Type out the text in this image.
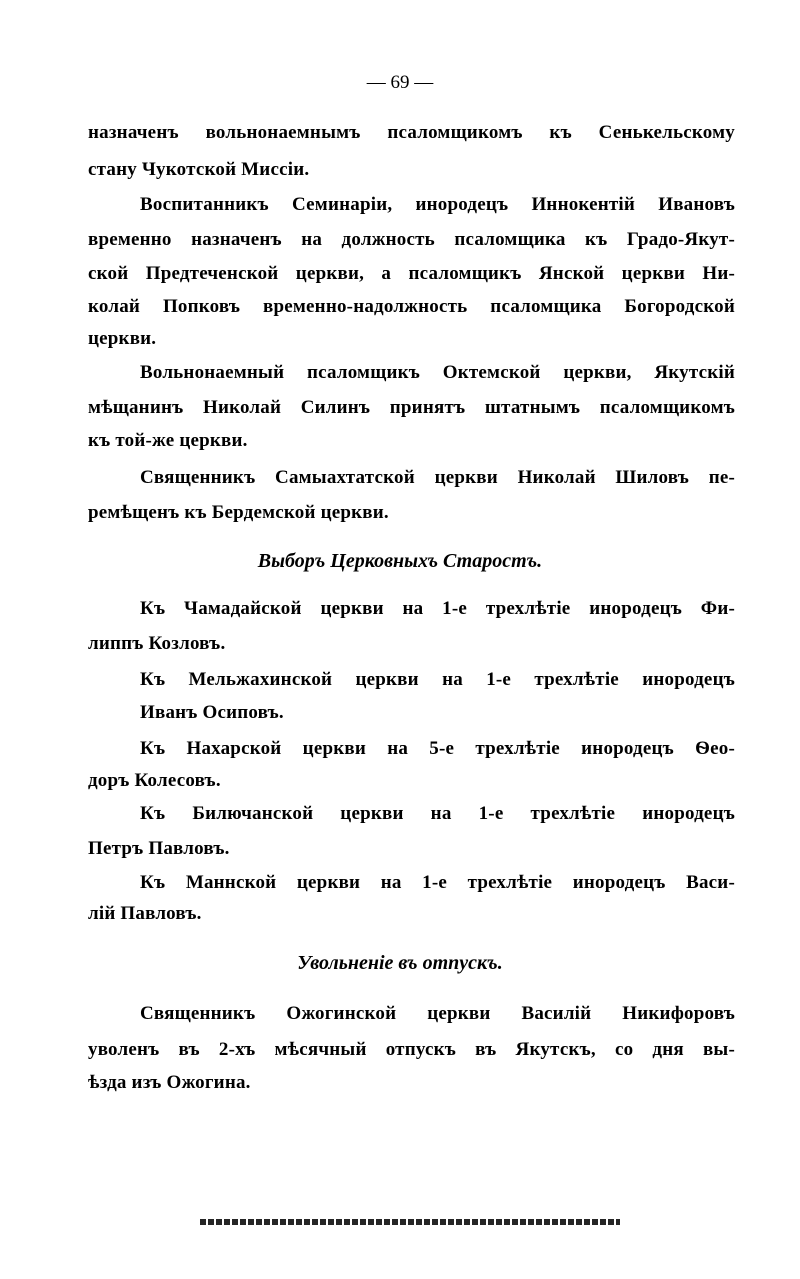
— 69 —
назначенъ вольнонаемнымъ псаломщикомъ къ Сенькельскому
стану Чукотской Миссіи.
Воспитанникъ Семинаріи, инородецъ Иннокентій Ивановъ
временно назначенъ на должность псаломщика къ Градо-Якут-
ской Предтеченской церкви, а псаломщикъ Янской церкви Ни-
колай Попковъ временно-надолжность псаломщика Богородской
церкви.
Вольнонаемный псаломщикъ Октемской церкви, Якутскій
мѣщанинъ Николай Силинъ принятъ штатнымъ псаломщикомъ
къ той-же церкви.
Священникъ Самыахтатской церкви Николай Шиловъ пе-
ремѣщенъ къ Бердемской церкви.
Выборъ Церковныхъ Старостъ.
Къ Чамадайской церкви на 1-е трехлѣтіе инородецъ Фи-
липпъ Козловъ.
Къ Мельжахинской церкви на 1-е трехлѣтіе инородецъ
Иванъ Осиповъ.
Къ Нахарской церкви на 5-е трехлѣтіе инородецъ Ѳео-
доръ Колесовъ.
Къ Билючанской церкви на 1-е трехлѣтіе инородецъ
Петръ Павловъ.
Къ Маннской церкви на 1-е трехлѣтіе инородецъ Васи-
лій Павловъ.
Увольненіе въ отпускъ.
Священникъ Ожогинской церкви Василій Никифоровъ
уволенъ въ 2-хъ мѣсячный отпускъ въ Якутскъ, со дня вы-
ѣзда изъ Ожогина.
